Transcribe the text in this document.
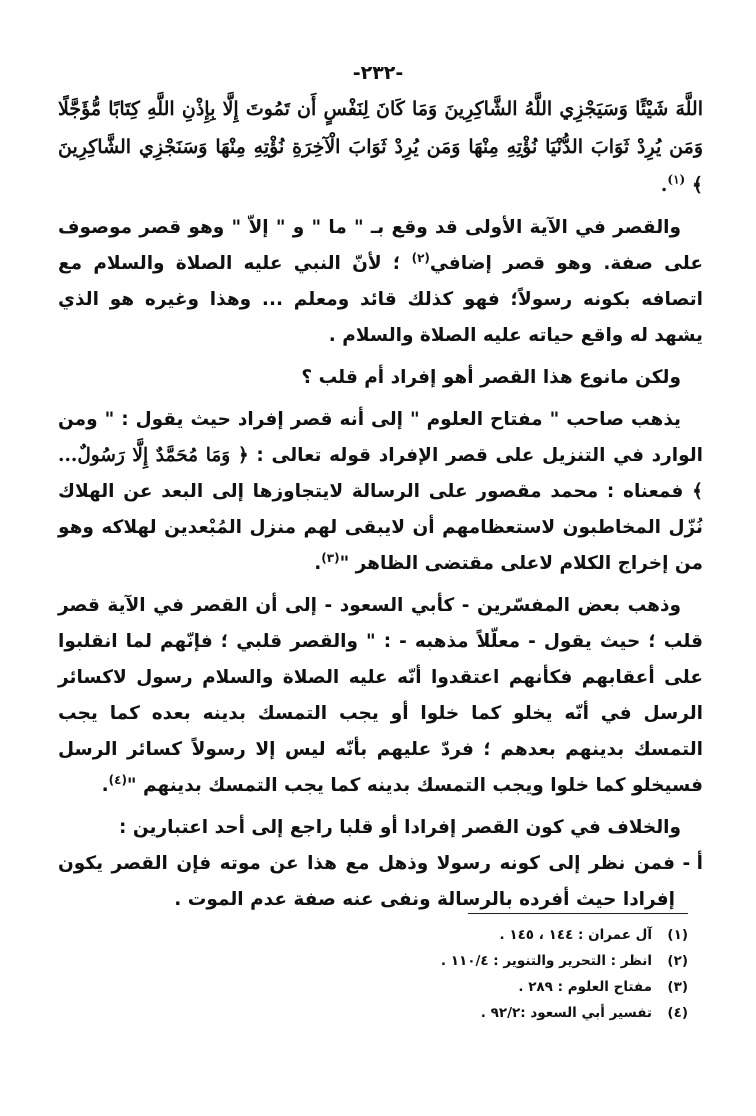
-٢٣٢-

اللَّهَ شَيْئًا وَسَيَجْزِي اللَّهُ الشَّاكِرِينَ وَمَا كَانَ لِنَفْسٍ أَن تَمُوتَ إِلَّا بِإِذْنِ اللَّهِ كِتَابًا مُّؤَجَّلًا وَمَن يُرِدْ ثَوَابَ الدُّنْيَا نُؤْتِهِ مِنْهَا وَمَن يُرِدْ ثَوَابَ الْآخِرَةِ نُؤْتِهِ مِنْهَا وَسَنَجْزِي الشَّاكِرِينَ ﴾ $^{(١)}$.

والقصر في الآية الأولى قد وقع بـ " ما " و " إلاّ " وهو قصر موصوف على صفة. وهو قصر إضافي$^{(٢)}$ ؛ لأنّ النبي عليه الصلاة والسلام مع اتصافه بكونه رسولاً؛ فهو كذلك قائد ومعلم ... وهذا وغيره هو الذي يشهد له واقع حياته عليه الصلاة والسلام .

ولكن مانوع هذا القصر أهو إفراد أم قلب ؟

يذهب صاحب " مفتاح العلوم " إلى أنه قصر إفراد حيث يقول : " ومن الوارد في التنزيل على قصر الإفراد قوله تعالى : ﴿ وَمَا مُحَمَّدٌ إِلَّا رَسُولٌ... ﴾ فمعناه : محمد مقصور على الرسالة لايتجاوزها إلى البعد عن الهلاك نُزّل المخاطبون لاستعظامهم أن لايبقى لهم منزل المُبْعدين لهلاكه وهو من إخراج الكلام لاعلى مقتضى الظاهر "$^{(٣)}$.

وذهب بعض المفسّرين - كأبي السعود - إلى أن القصر في الآية قصر قلب ؛ حيث يقول - معلّلاً مذهبه - : " والقصر قلبي ؛ فإنّهم لما انقلبوا على أعقابهم فكأنهم اعتقدوا أنّه عليه الصلاة والسلام رسول لاكسائر الرسل في أنّه يخلو كما خلوا أو يجب التمسك بدينه بعده كما يجب التمسك بدينهم بعدهم ؛ فردّ عليهم بأنّه ليس إلا رسولاً كسائر الرسل فسيخلو كما خلوا ويجب التمسك بدينه كما يجب التمسك بدينهم "$^{(٤)}$.

والخلاف في كون القصر إفرادا أو قلبا راجع إلى أحد اعتبارين :

أ -
فمن نظر إلى كونه رسولا وذهل مع هذا عن موته فإن القصر يكون إفرادا حيث أفرده بالرسالة ونفى عنه صفة عدم الموت .
(١)
آل عمران : ١٤٤ ، ١٤٥ .
(٢)
انظر : التحرير والتنوير : ١١٠/٤ .
(٣)
مفتاح العلوم : ٢٨٩ .
(٤)
تفسير أبي السعود :٩٢/٢ .
